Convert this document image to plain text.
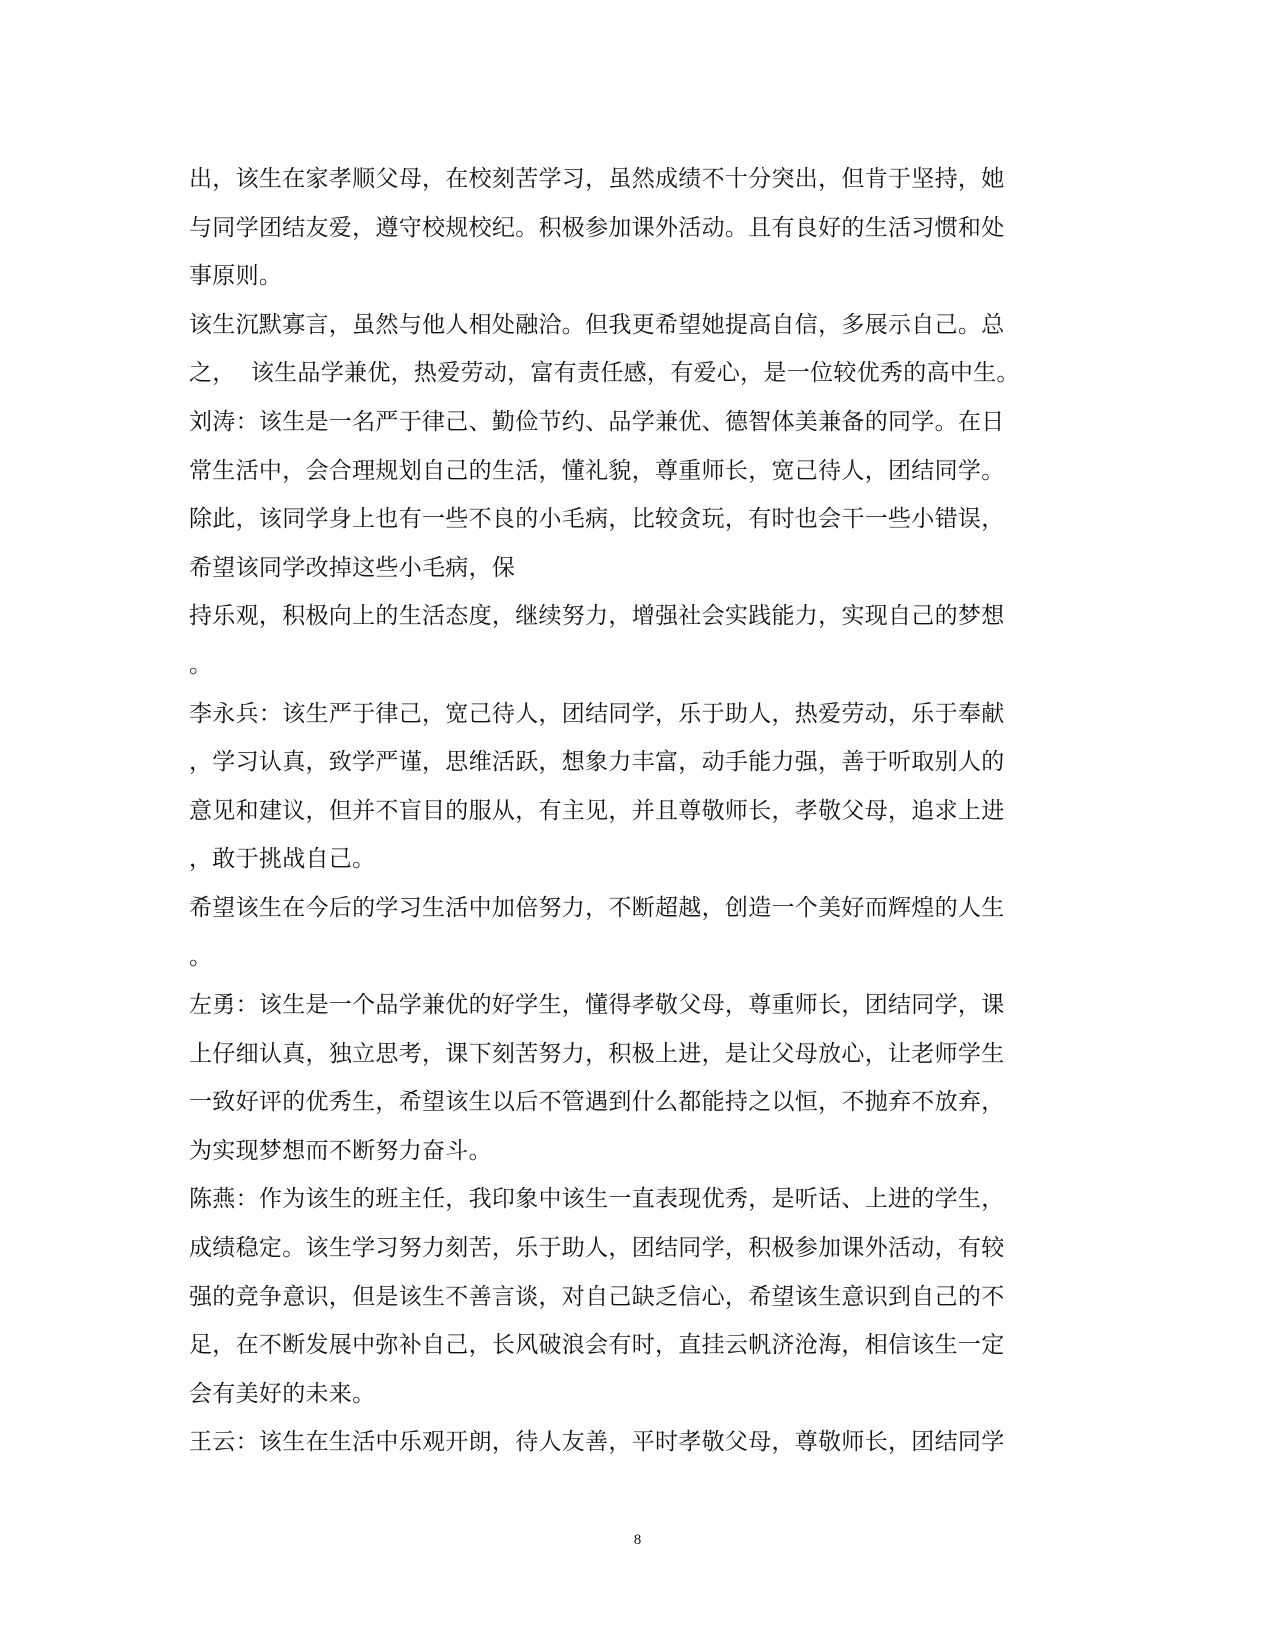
出，该生在家孝顺父母，在校刻苦学习，虽然成绩不十分突出，但肯于坚持，她
与同学团结友爱，遵守校规校纪。积极参加课外活动。且有良好的生活习惯和处
事原则。
该生沉默寡言，虽然与他人相处融洽。但我更希望她提高自信，多展示自己。总
之，  该生品学兼优，热爱劳动，富有责任感，有爱心，是一位较优秀的高中生。
刘涛：该生是一名严于律己、勤俭节约、品学兼优、德智体美兼备的同学。在日
常生活中，会合理规划自己的生活，懂礼貌，尊重师长，宽己待人，团结同学。
除此，该同学身上也有一些不良的小毛病，比较贪玩，有时也会干一些小错误，
希望该同学改掉这些小毛病，保
持乐观，积极向上的生活态度，继续努力，增强社会实践能力，实现自己的梦想
。
李永兵：该生严于律己，宽己待人，团结同学，乐于助人，热爱劳动，乐于奉献
，学习认真，致学严谨，思维活跃，想象力丰富，动手能力强，善于听取别人的
意见和建议，但并不盲目的服从，有主见，并且尊敬师长，孝敬父母，追求上进
，敢于挑战自己。
希望该生在今后的学习生活中加倍努力，不断超越，创造一个美好而辉煌的人生
。
左勇：该生是一个品学兼优的好学生，懂得孝敬父母，尊重师长，团结同学，课
上仔细认真，独立思考，课下刻苦努力，积极上进，是让父母放心，让老师学生
一致好评的优秀生，希望该生以后不管遇到什么都能持之以恒，不抛弃不放弃，
为实现梦想而不断努力奋斗。
陈燕：作为该生的班主任，我印象中该生一直表现优秀，是听话、上进的学生，
成绩稳定。该生学习努力刻苦，乐于助人，团结同学，积极参加课外活动，有较
强的竞争意识，但是该生不善言谈，对自己缺乏信心，希望该生意识到自己的不
足，在不断发展中弥补自己，长风破浪会有时，直挂云帆济沧海，相信该生一定
会有美好的未来。
王云：该生在生活中乐观开朗，待人友善，平时孝敬父母，尊敬师长，团结同学
8
